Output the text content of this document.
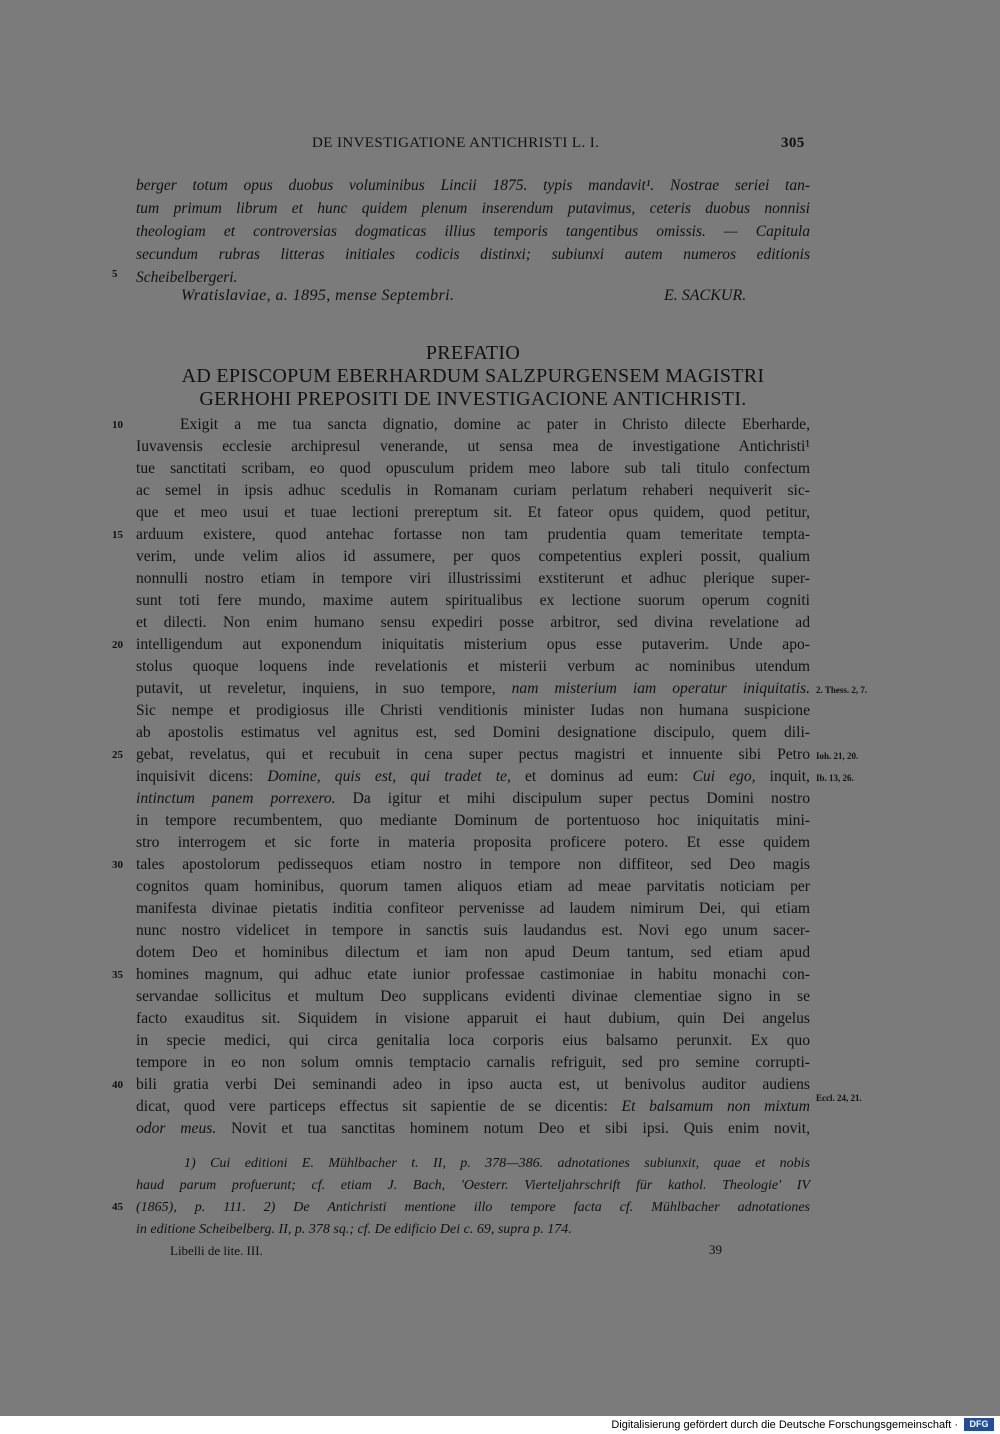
DE INVESTIGATIONE ANTICHRISTI L. I.	305
berger totum opus duobus voluminibus Lincii 1875. typis mandavit¹. Nostrae seriei tan-
tum primum librum et hunc quidem plenum inserendum putavimus, ceteris duobus nonnisi
theologiam et controversias dogmaticas illius temporis tangentibus omissis. — Capitula
secundum rubras litteras initiales codicis distinxi; subiunxi autem numeros editionis
Scheibelbergeri.
5
Wratislaviae, a. 1895, mense Septembri.	E. SACKUR.
PREFATIO
AD EPISCOPUM EBERHARDUM SALZPURGENSEM MAGISTRI
GERHOHI PREPOSITI DE INVESTIGACIONE ANTICHRISTI.
Exigit a me tua sancta dignatio, domine ac pater in Christo dilecte Eberharde,
Iuvavensis ecclesie archipresul venerande, ut sensa mea de investigatione Antichristi¹
tue sanctitati scribam, eo quod opusculum pridem meo labore sub tali titulo confectum
ac semel in ipsis adhuc scedulis in Romanam curiam perlatum rehaberi nequiverit sic-
que et meo usui et tuae lectioni prereptum sit. Et fateor opus quidem, quod petitur,
arduum existere, quod antehac fortasse non tam prudentia quam temeritate tempta-
verim, unde velim alios id assumere, per quos competentius expleri possit, qualium
nonnulli nostro etiam in tempore viri illustrissimi exstiterunt et adhuc plerique super-
sunt toti fere mundo, maxime autem spiritualibus ex lectione suorum operum cogniti
et dilecti. Non enim humano sensu expediri posse arbitror, sed divina revelatione ad
intelligendum aut exponendum iniquitatis misterium opus esse putaverim. Unde apo-
stolus quoque loquens inde revelationis et misterii verbum ac nominibus utendum
putavit, ut reveletur, inquiens, in suo tempore, nam misterium iam operatur iniquitatis.
Sic nempe et prodigiosus ille Christi venditionis minister Iudas non humana suspicione
ab apostolis estimatus vel agnitus est, sed Domini designatione discipulo, quem dili-
gebat, revelatus, qui et recubuit in cena super pectus magistri et innuente sibi Petro
inquisivit dicens: Domine, quis est, qui tradet te, et dominus ad eum: Cui ego, inquit,
intinctum panem porrexero. Da igitur et mihi discipulum super pectus Domini nostro
in tempore recumbentem, quo mediante Dominum de portentuoso hoc iniquitatis mini-
stro interrogem et sic forte in materia proposita proficere potero. Et esse quidem
tales apostolorum pedissequos etiam nostro in tempore non diffiteor, sed Deo magis
cognitos quam hominibus, quorum tamen aliquos etiam ad meae parvitatis noticiam per
manifesta divinae pietatis inditia confiteor pervenisse ad laudem nimirum Dei, qui etiam
nunc nostro videlicet in tempore in sanctis suis laudandus est. Novi ego unum sacer-
dotem Deo et hominibus dilectum et iam non apud Deum tantum, sed etiam apud
homines magnum, qui adhuc etate iunior professae castimoniae in habitu monachi con-
servandae sollicitus et multum Deo supplicans evidenti divinae clementiae signo in se
facto exauditus sit. Siquidem in visione apparuit ei haut dubium, quin Dei angelus
in specie medici, qui circa genitalia loca corporis eius balsamo perunxit. Ex quo
tempore in eo non solum omnis temptacio carnalis refriguit, sed pro semine corrupti-
bili gratia verbi Dei seminandi adeo in ipso aucta est, ut benivolus auditor audiens
dicat, quod vere particeps effectus sit sapientie de se dicentis: Et balsamum non mixtum
odor meus. Novit et tua sanctitas hominem notum Deo et sibi ipsi. Quis enim novit,
10
15
20
25
30
35
40
2. Thess. 2, 7.
Ioh. 21, 20.
Ib. 13, 26.
Eccl. 24, 21.
1) Cui editioni E. Mühlbacher t. II, p. 378—386. adnotationes subiunxit, quae et nobis
haud parum profuerunt; cf. etiam J. Bach, 'Oesterr. Vierteljahrschrift für kathol. Theologie' IV
(1865), p. 111. 2) De Antichristi mentione illo tempore facta cf. Mühlbacher adnotationes
in editione Scheibelberg. II, p. 378 sq.; cf. De edificio Dei c. 69, supra p. 174.
45
Libelli de lite. III.	39
Digitalisierung gefördert durch die Deutsche Forschungsgemeinschaft ·	DFG
